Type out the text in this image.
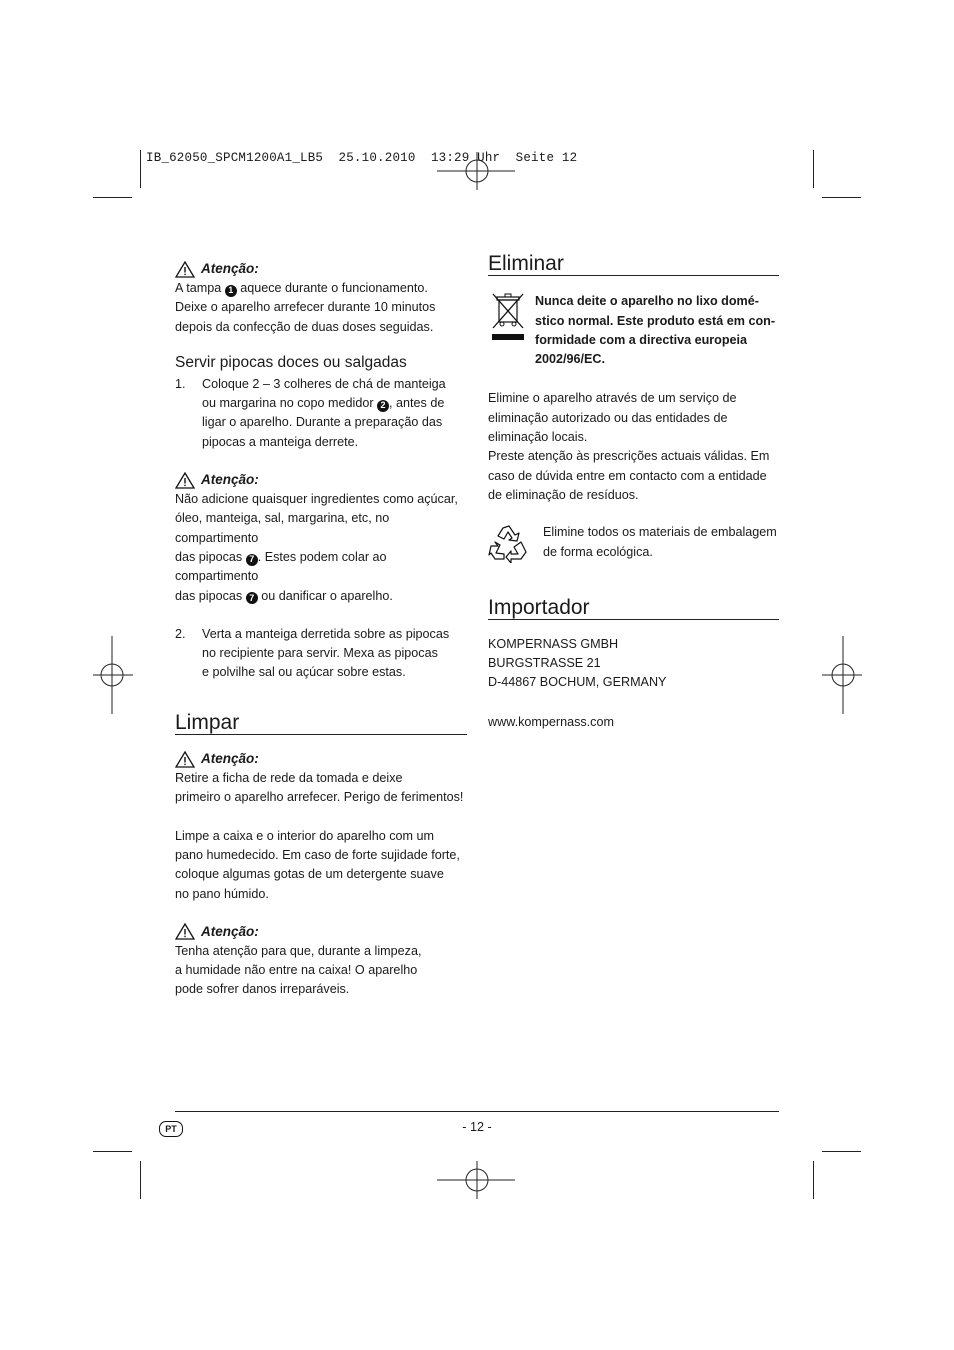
IB_62050_SPCM1200A1_LB5  25.10.2010  13:29 Uhr  Seite 12
Atenção:
A tampa 1 aquece durante o funcionamento.
Deixe o aparelho arrefecer durante 10 minutos
depois da confecção de duas doses seguidas.
Servir pipocas doces ou salgadas
1.	Coloque 2 – 3 colheres de chá de manteiga
ou margarina no copo medidor 2 , antes de
ligar o aparelho. Durante a preparação das
pipocas a manteiga derrete.
Atenção:
Não adicione quaisquer ingredientes como açúcar,
óleo, manteiga, sal, margarina, etc, no compartimento
das pipocas 7 . Estes podem colar ao compartimento
das pipocas 7 ou danificar o aparelho.
2.	Verta a manteiga derretida sobre as pipocas
no recipiente para servir. Mexa as pipocas
e polvilhe sal ou açúcar sobre estas.
Limpar
Atenção:
Retire a ficha de rede da tomada e deixe
primeiro o aparelho arrefecer. Perigo de ferimentos!
Limpe a caixa e o interior do aparelho com um
pano humedecido. Em caso de forte sujidade forte,
coloque algumas gotas de um detergente suave
no pano húmido.
Atenção:
Tenha atenção para que, durante a limpeza,
a humidade não entre na caixa! O aparelho
pode sofrer danos irreparáveis.
Eliminar
Nunca deite o aparelho no lixo domé-
stico normal. Este produto está em con-
formidade com a directiva europeia
2002/96/EC.
Elimine o aparelho através de um serviço de
eliminação autorizado ou das entidades de
eliminação locais.
Preste atenção às prescrições actuais válidas. Em
caso de dúvida entre em contacto com a entidade
de eliminação de resíduos.
Elimine todos os materiais de embalagem
de forma ecológica.
Importador
KOMPERNASS GMBH
BURGSTRASSE 21
D-44867 BOCHUM, GERMANY
www.kompernass.com
PT	- 12 -
